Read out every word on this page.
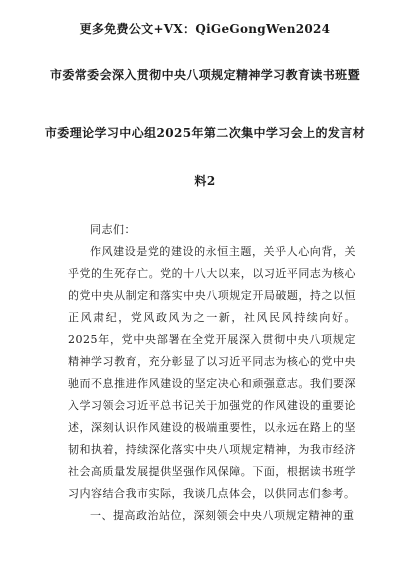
更多免费公文+VX：QiGeGongWen2024
市委常委会深入贯彻中央八项规定精神学习教育读书班暨
市委理论学习中心组2025年第二次集中学习会上的发言材
料2
同志们：
作风建设是党的建设的永恒主题，关乎人心向背，关乎党的生死存亡。党的十八大以来，以习近平同志为核心的党中央从制定和落实中央八项规定开局破题，持之以恒正风肃纪，党风政风为之一新，社风民风持续向好。2025年，党中央部署在全党开展深入贯彻中央八项规定精神学习教育，充分彰显了以习近平同志为核心的党中央驰而不息推进作风建设的坚定决心和顽强意志。我们要深入学习领会习近平总书记关于加强党的作风建设的重要论述，深刻认识作风建设的极端重要性，以永远在路上的坚韧和执着，持续深化落实中央八项规定精神，为我市经济社会高质量发展提供坚强作风保障。下面，根据读书班学习内容结合我市实际，我谈几点体会，以供同志们参考。
一、提高政治站位，深刻领会中央八项规定精神的重
